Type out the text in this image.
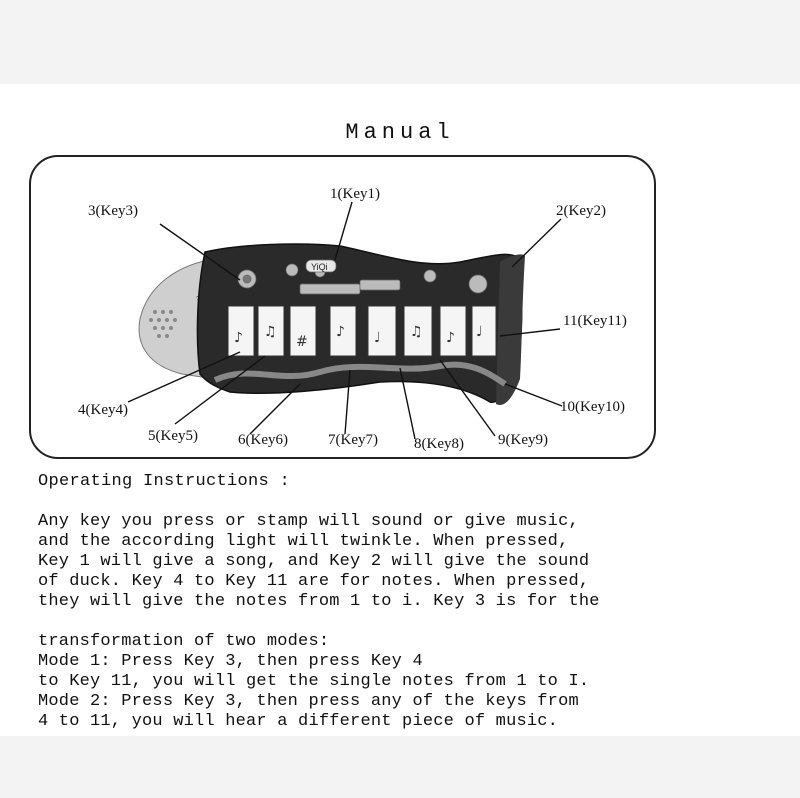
Manual
YiQi
♪ ♫
#
♪ ♩ ♫ ♪ ♩
1(Key1)
2(Key2)
3(Key3)
11(Key11)
10(Key10)
4(Key4)
5(Key5)	6(Key6)	7(Key7) 8(Key8) 9(Key9)
Operating Instructions :
Any key you press or stamp will sound or give music,
and the according light will twinkle. When pressed,
Key 1 will give a song, and Key 2 will give the sound
of duck. Key 4 to Key 11 are for notes. When pressed,
they will give the notes from 1 to i. Key 3 is for the
transformation of two modes:
Mode 1: Press Key 3, then press Key 4
to Key 11, you will get the single notes from 1 to I.
Mode 2: Press Key 3, then press any of the keys from
4 to 11, you will hear a different piece of music.
